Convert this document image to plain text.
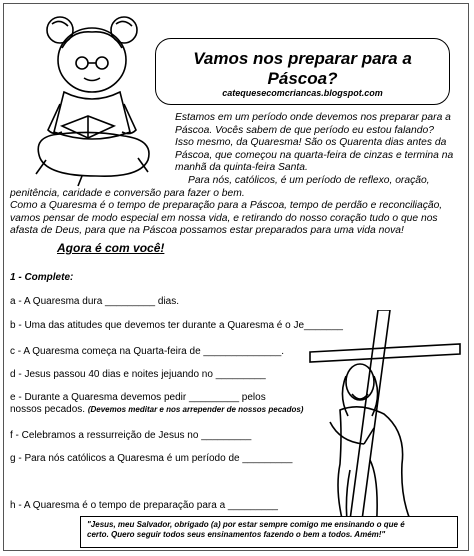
Vamos nos preparar para a
Páscoa?
catequesecomcriancas.blogspot.com
Estamos em um período onde devemos nos preparar para a
Páscoa. Vocês sabem de que período eu estou falando?
Isso mesmo, da Quaresma! São os Quarenta dias antes da
Páscoa, que começou na quarta-feira de cinzas e termina na
manhã da quinta-feira Santa.
Para nós, católicos, é um período de reflexo, oração,
penitência, caridade e conversão para fazer o bem.
Como a Quaresma é o tempo de preparação para a Páscoa, tempo de perdão e reconciliação,
vamos pensar de modo especial em nossa vida, e retirando do nosso coração tudo o que nos
afasta de Deus, para que na Páscoa possamos estar preparados para uma vida nova!
Agora é com você!
1 - Complete:
a - A Quaresma dura _________ dias.
b - Uma das atitudes que devemos ter durante a Quaresma é o Je_______
c - A Quaresma começa na Quarta-feira de ______________.
d - Jesus passou 40 dias e noites jejuando no _________
e - Durante a Quaresma devemos pedir _________ pelos
nossos pecados. (Devemos meditar e nos arrepender de nossos pecados)
f - Celebramos a ressurreição de Jesus no _________
g - Para nós católicos a Quaresma é um período de _________
h - A Quaresma é o tempo de preparação para a _________
"Jesus, meu Salvador, obrigado (a) por estar sempre comigo me ensinando o que é
certo. Quero seguir todos seus ensinamentos fazendo o bem a todos. Amém!"
